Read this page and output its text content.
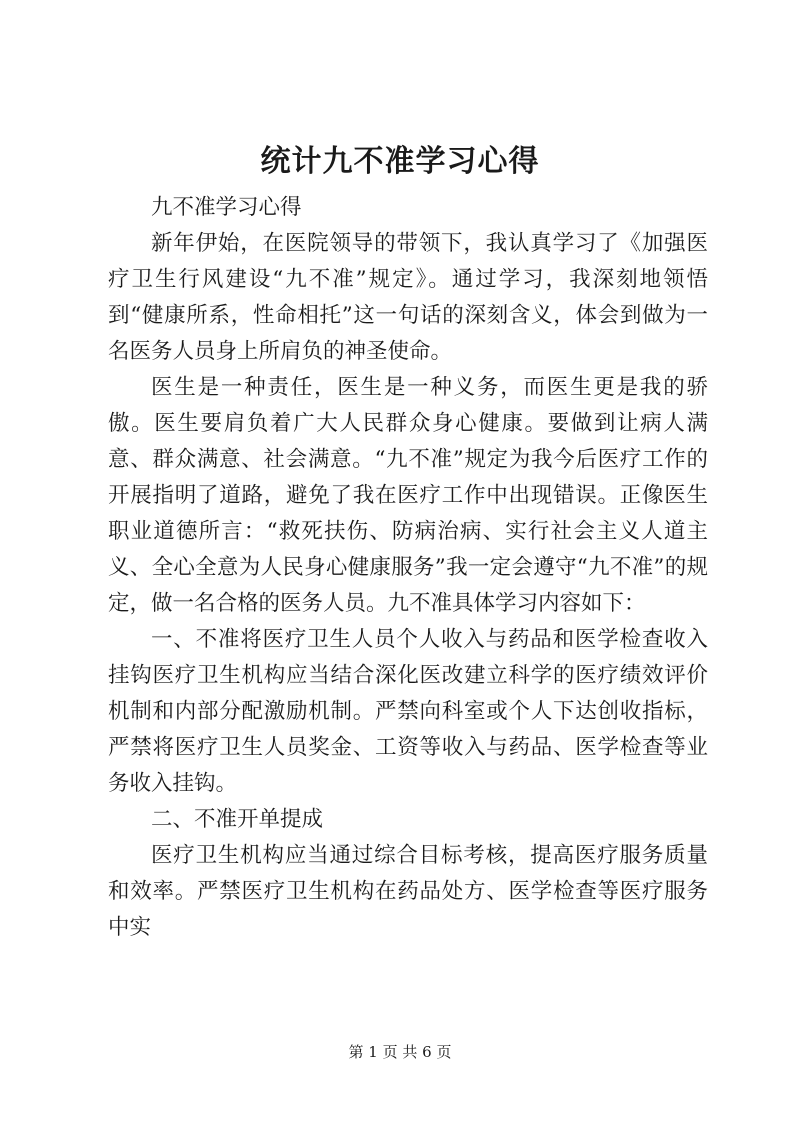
统计九不准学习心得

九不准学习心得

新年伊始，在医院领导的带领下，我认真学习了《加强医疗卫生行风建设“九不准”规定》。通过学习，我深刻地领悟到“健康所系，性命相托”这一句话的深刻含义，体会到做为一名医务人员身上所肩负的神圣使命。

医生是一种责任，医生是一种义务，而医生更是我的骄傲。医生要肩负着广大人民群众身心健康。要做到让病人满意、群众满意、社会满意。“九不准”规定为我今后医疗工作的开展指明了道路，避免了我在医疗工作中出现错误。正像医生职业道德所言：“救死扶伤、防病治病、实行社会主义人道主义、全心全意为人民身心健康服务”我一定会遵守“九不准”的规定，做一名合格的医务人员。九不准具体学习内容如下：

一、不准将医疗卫生人员个人收入与药品和医学检查收入挂钩医疗卫生机构应当结合深化医改建立科学的医疗绩效评价机制和内部分配激励机制。严禁向科室或个人下达创收指标，严禁将医疗卫生人员奖金、工资等收入与药品、医学检查等业务收入挂钩。

二、不准开单提成

医疗卫生机构应当通过综合目标考核，提高医疗服务质量和效率。严禁医疗卫生机构在药品处方、医学检查等医疗服务中实

第 1 页 共 6 页
